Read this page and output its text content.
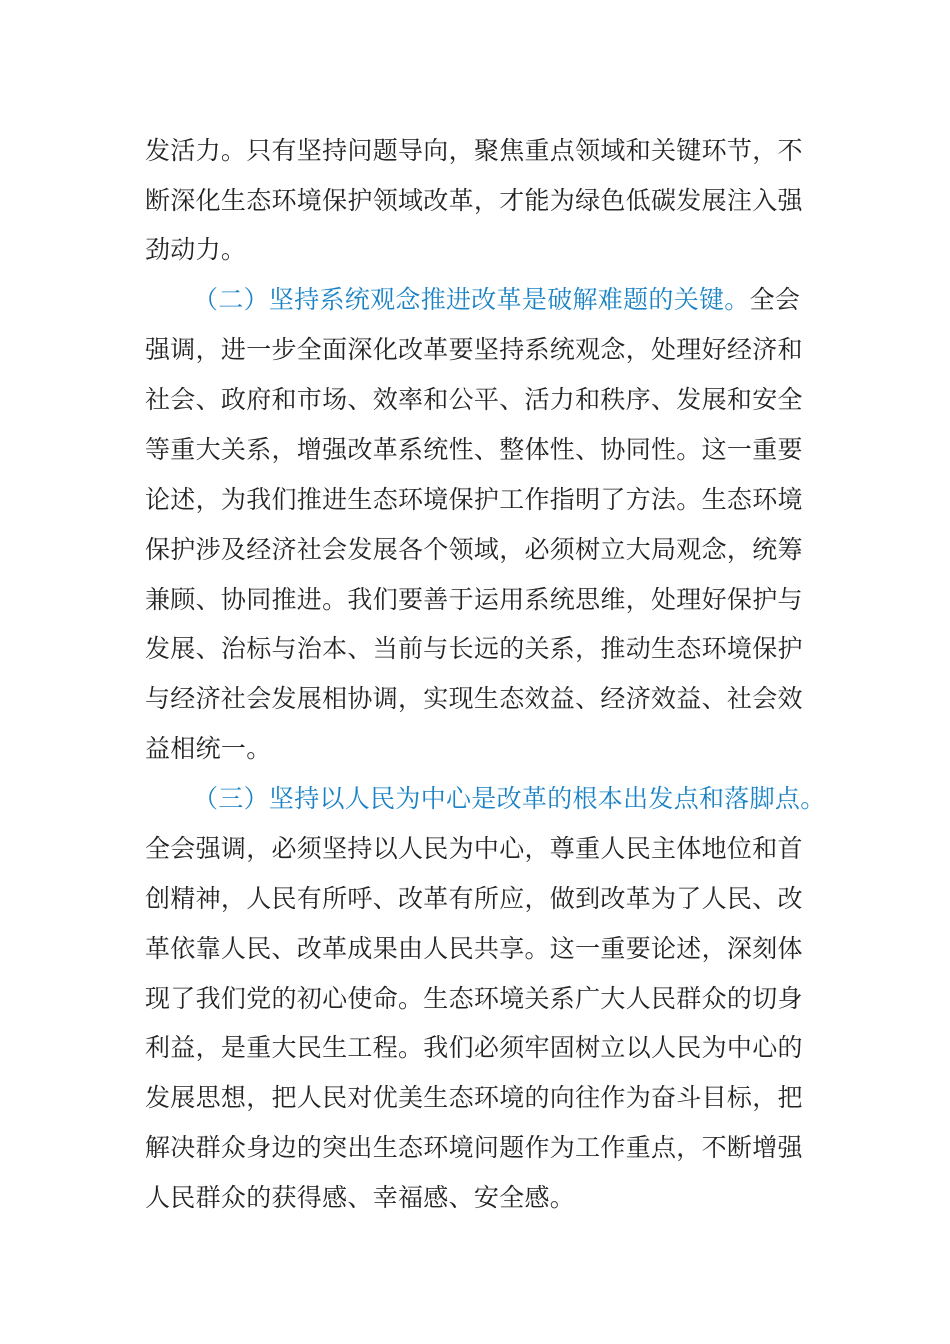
发活力。只有坚持问题导向，聚焦重点领域和关键环节，不
断深化生态环境保护领域改革，才能为绿色低碳发展注入强
劲动力。
（二）坚持系统观念推进改革是破解难题的关键。全会
强调，进一步全面深化改革要坚持系统观念，处理好经济和
社会、政府和市场、效率和公平、活力和秩序、发展和安全
等重大关系，增强改革系统性、整体性、协同性。这一重要
论述，为我们推进生态环境保护工作指明了方法。生态环境
保护涉及经济社会发展各个领域，必须树立大局观念，统筹
兼顾、协同推进。我们要善于运用系统思维，处理好保护与
发展、治标与治本、当前与长远的关系，推动生态环境保护
与经济社会发展相协调，实现生态效益、经济效益、社会效
益相统一。
（三）坚持以人民为中心是改革的根本出发点和落脚点。
全会强调，必须坚持以人民为中心，尊重人民主体地位和首
创精神，人民有所呼、改革有所应，做到改革为了人民、改
革依靠人民、改革成果由人民共享。这一重要论述，深刻体
现了我们党的初心使命。生态环境关系广大人民群众的切身
利益，是重大民生工程。我们必须牢固树立以人民为中心的
发展思想，把人民对优美生态环境的向往作为奋斗目标，把
解决群众身边的突出生态环境问题作为工作重点，不断增强
人民群众的获得感、幸福感、安全感。
